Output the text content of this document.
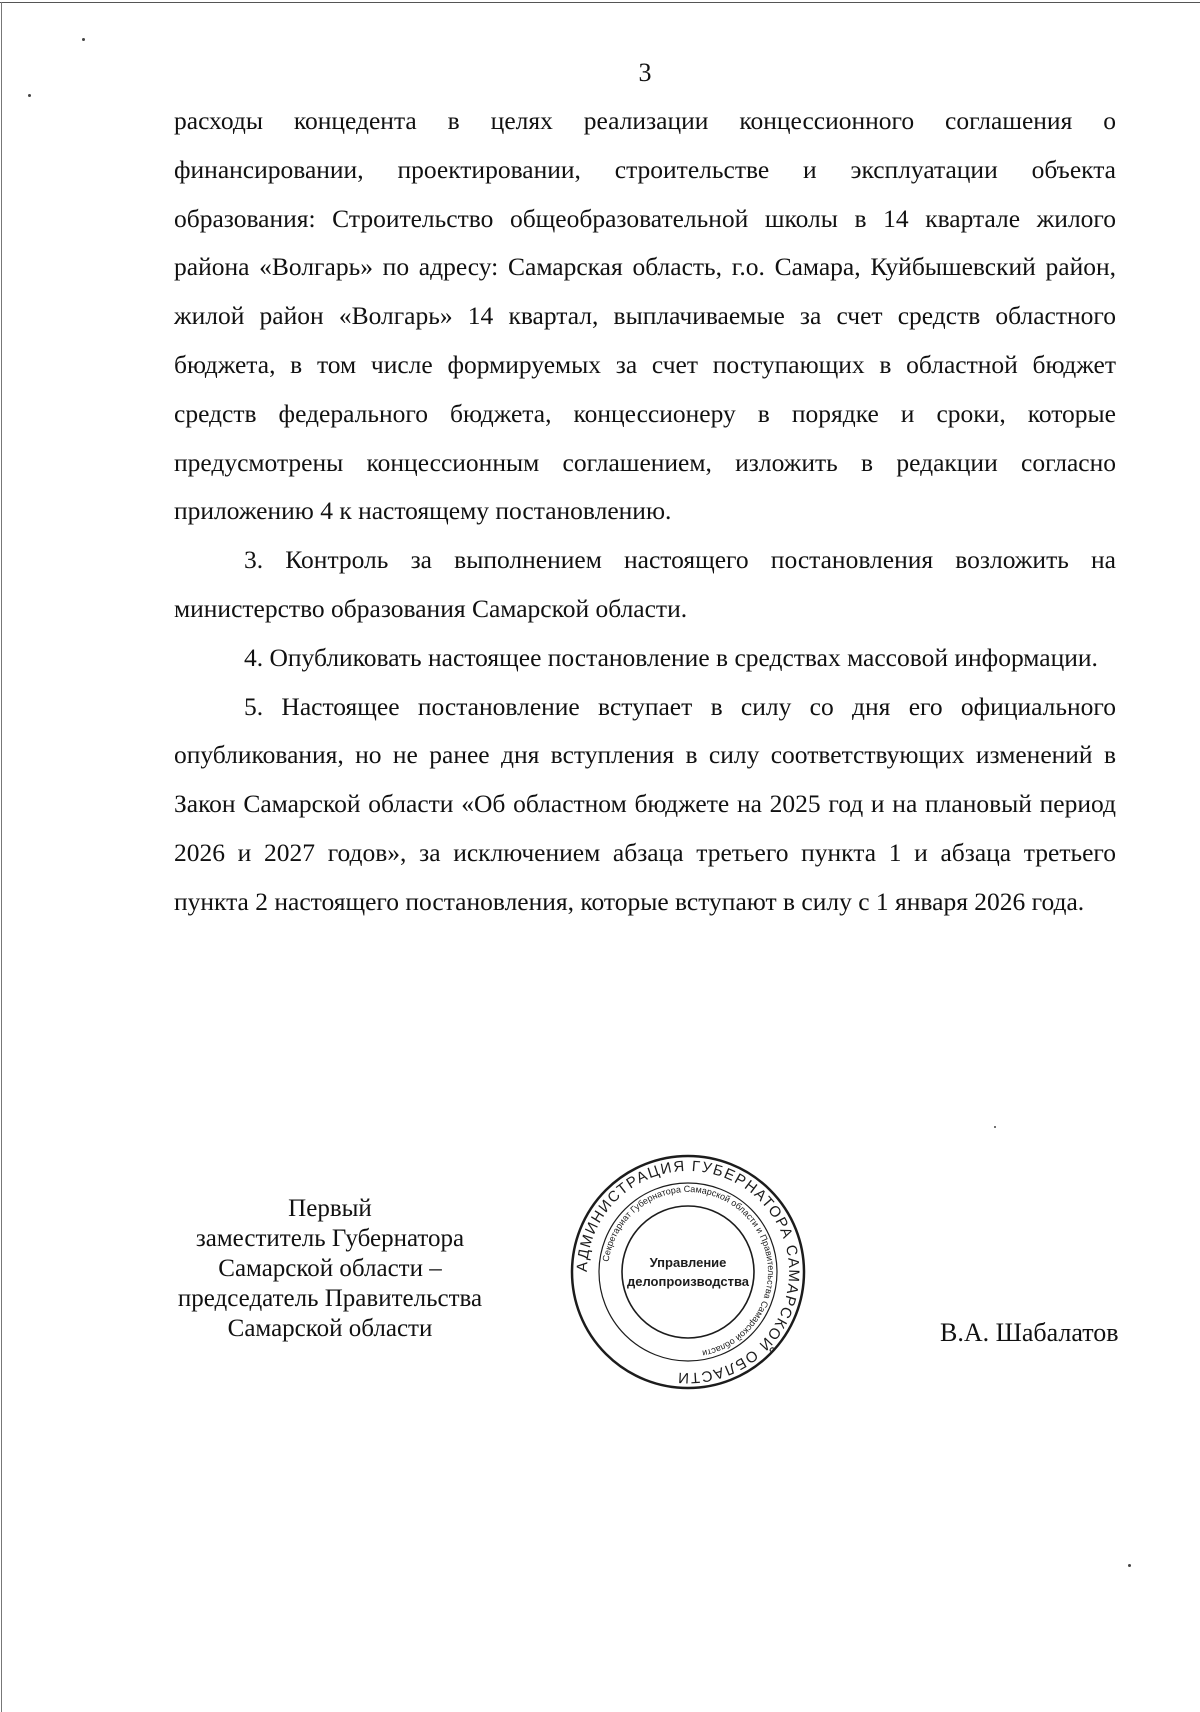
3

расходы концедента в целях реализации концессионного соглашения о финансировании, проектировании, строительстве и эксплуатации объекта образования: Строительство общеобразовательной школы в 14 квартале жилого района «Волгарь» по адресу: Самарская область, г.о. Самара, Куйбышевский район, жилой район «Волгарь» 14 квартал, выплачиваемые за счет средств областного бюджета, в том числе формируемых за счет поступающих в областной бюджет средств федерального бюджета, концессионеру в порядке и сроки, которые предусмотрены концессионным соглашением, изложить в редакции согласно приложению 4 к настоящему постановлению.

3. Контроль за выполнением настоящего постановления возложить на министерство образования Самарской области.

4. Опубликовать настоящее постановление в средствах массовой информации.

5. Настоящее постановление вступает в силу со дня его официального опубликования, но не ранее дня вступления в силу соответствующих изменений в Закон Самарской области «Об областном бюджете на 2025 год и на плановый период 2026 и 2027 годов», за исключением абзаца третьего пункта 1 и абзаца третьего пункта 2 настоящего постановления, которые вступают в силу с 1 января 2026 года.

Первый
заместитель Губернатора
Самарской области –
председатель Правительства
Самарской области	В.А. Шабалатов
АДМИНИСТРАЦИЯ ГУБЕРНАТОРА САМАРСКОЙ ОБЛАСТИ
Секретариат Губернатора Самарской области и Правительства Самарской области
Управление
делопроизводства
